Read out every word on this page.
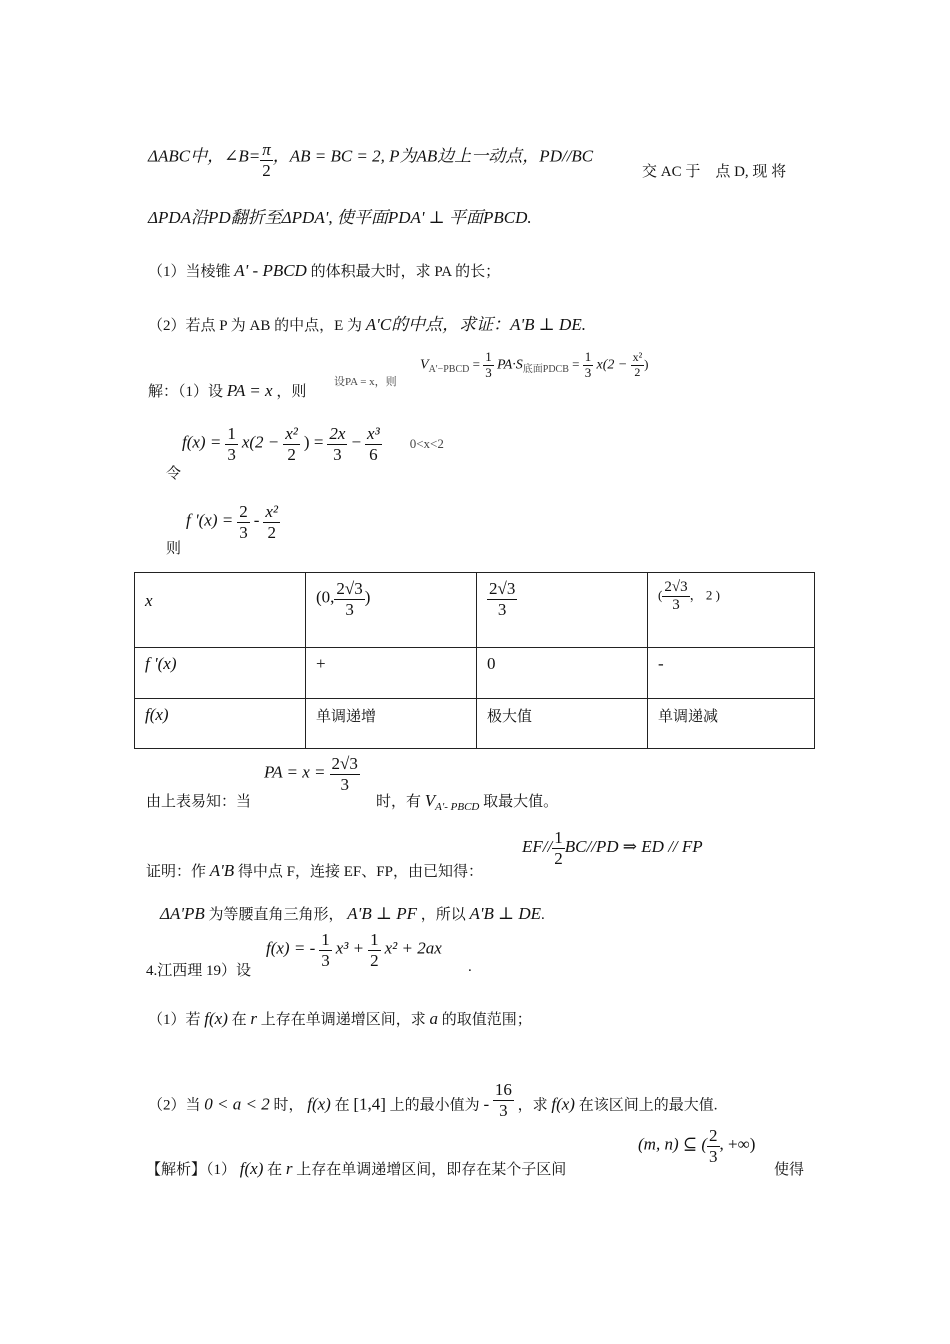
ΔABC中，∠B= $\frac{\pi}{2}$ ，AB = BC = 2, P为AB边上一动点，PD//BC
交 AC 于　点 D, 现 将
ΔPDA沿PD翻折至ΔPDA', 使平面PDA' ⊥ 平面PBCD.
（1）当棱锥 A' - PBCD 的体积最大时，求 PA 的长；
（2）若点 P 为 AB 的中点，E 为 A'C的中点，求证：A'B ⊥ DE.
解：（1）设 PA = x ，则
设PA = x，则
$V_{A'-PBCD} = \frac{1}{3} PA\cdot S_{底面PDCB} = \frac{1}{3} x(2 - \frac{\text{x²}}{2}$ )
令
$f(x) = \frac{1}{3} x(2 - \frac{\text{x²}}{2}$ ) = $\frac{2x}{3} - \frac{\text{x³}}{6} 0<x<2$
则
f '$(x) = \frac{2}{3} - \frac{\text{x²}}{2}$
x	(0, $\frac{2√3}{3}$ )	$\frac{2√3}{3}$	( $\frac{2√3}{3}$ ， 2 )
f '(x)	+	0	-
f(x)	单调递增	极大值	单调递减
由上表易知：当
PA = $x = \frac{2√3}{3}$
时，有 $V_{A'- PBCD}$ 取最大值。
证明：作 A'B 得中点 F，连接 EF、FP，由已知得：
$EF// \frac{1}{2} BC//PD$ ⇒ ED // FP
ΔA'PB 为等腰直角三角形， A'B ⊥ PF ，所以 A'B ⊥ DE.
4.江西理 19）设
f(x) = - $\frac{1}{3} x^3 + \frac{1}{2} x^2 + 2ax$
.
（1）若 f(x) 在 r 上存在单调递增区间，求 a 的取值范围；
（2）当 0 < a < 2 时， f(x) 在 [1,4] 上的最小值为 - $\frac{16}{3}$ ，求 f(x) 在该区间上的最大值.
【解析】（1） f(x) 在 r 上存在单调递增区间，即存在某个子区间
(m, n) ⊆ ( $\frac{2}{3}$ , +∞)
使得
